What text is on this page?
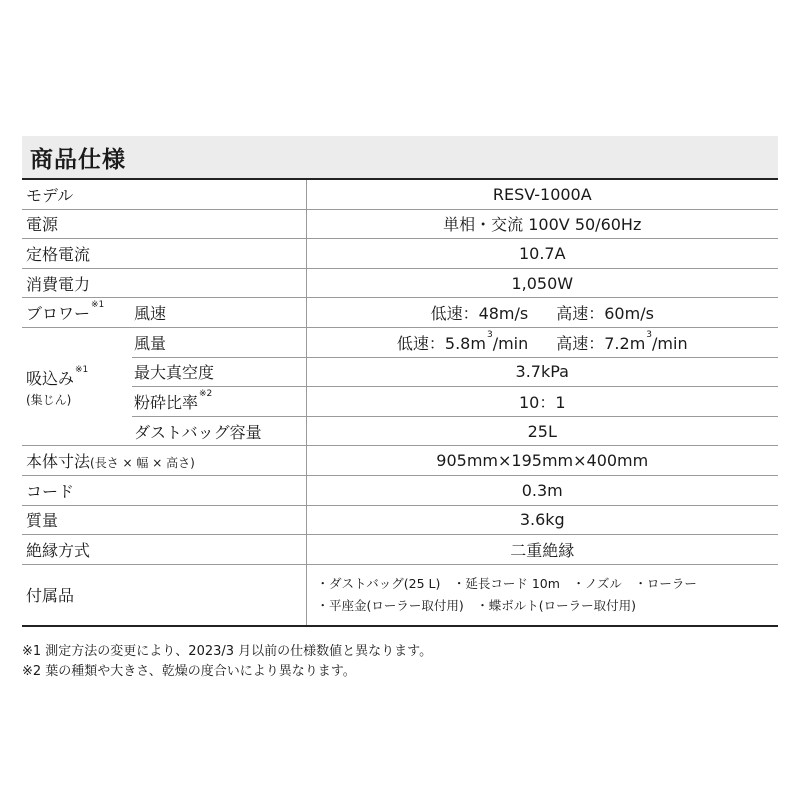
商品仕様
モデル		RESV-1000A
電源		単相・交流 100V 50/60Hz
定格電流		10.7A
消費電力		1,050W
ブロワー$^{※1}$	風速	低速：48m/s 高速：60m/s
吸込み$^{※1}$
(集じん)	風量	低速：$5.8m^3/\min$ 高速：$7.2m^3/\min$
	最大真空度	3.7kPa
	粉砕比率$^{※2}$	10：1
	ダストバッグ容量	25L
本体寸法(長さ × 幅 × 高さ)		905mm×195mm×400mm
コード		0.3m
質量		3.6kg
絶縁方式		二重絶縁
付属品		・ダストバッグ(25 L)　・延長コード 10m　・ノズル　・ローラー
・平座金(ローラー取付用)　・蝶ボルト(ローラー取付用)
※1 測定方法の変更により、2023/3 月以前の仕様数値と異なります。
※2 葉の種類や大きさ、乾燥の度合いにより異なります。
